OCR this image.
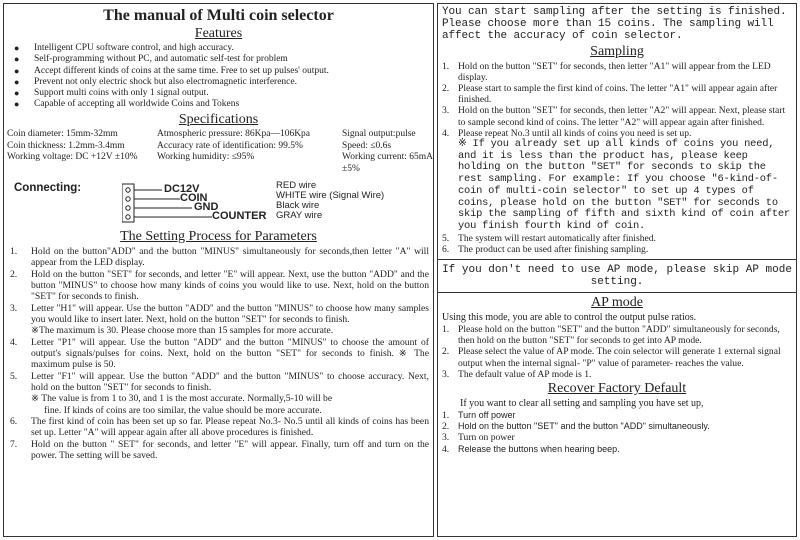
The manual of Multi coin selector
Features
● Intelligent CPU software control, and high accuracy.
● Self-programming without PC, and automatic self-test for problem
● Accept different kinds of coins at the same time. Free to set up pulses' output.
● Prevent not only electric shock but also electromagnetic interference.
● Support multi coins with only 1 signal output.
● Capable of accepting all worldwide Coins and Tokens
Specifications
Coin diameter: 15mm-32mm	Atmospheric pressure: 86Kpa—106Kpa	Signal output:pulse
Coin thickness: 1.2mm-3.4mm	Accuracy rate of identification: 99.5%	Speed: ≤0.6s
Working voltage: DC +12V ±10%	Working humidity: ≤95%	Working current: 65mA ±5%
Connecting:	DC12V
COIN
GND
COUNTER
RED wire
WHITE wire (Signal Wire)
Black wire
GRAY wire
The Setting Process for Parameters
1.	Hold on the button"ADD" and the button "MINUS" simultaneously for seconds,then letter "A" will appear from the LED display.
2.	Hold on the button "SET" for seconds, and letter "E" will appear. Next, use the button "ADD" and the button "MINUS" to choose how many kinds of coins you would like to use. Next, hold on the button "SET" for seconds to finish.
3.	Letter "H1" will appear. Use the button "ADD" and the button "MINUS" to choose how many samples you would like to insert later. Next, hold on the button "SET" for seconds to finish.
※The maximum is 30. Please choose more than 15 samples for more accurate.
4.	Letter "P1" will appear. Use the button "ADD" and the button "MINUS" to choose the amount of output's signals/pulses for coins. Next, hold on the button "SET" for seconds to finish. ※ The maximum pulse is 50.
5.	Letter "F1" will appear. Use the button "ADD" and the button "MINUS" to choose accuracy. Next, hold on the button "SET" for seconds to finish.
※ The value is from 1 to 30, and 1 is the most accurate. Normally,5-10 will be
fine. If kinds of coins are too similar, the value should be more accurate.
6.	The first kind of coin has been set up so far. Please repeat No.3- No.5 until all kinds of coins has been set up. Letter "A" will appear again after all above procedures is finished.
7.	Hold on the button " SET" for seconds, and letter "E" will appear. Finally, turn off and turn on the power. The setting will be saved.
You can start sampling after the setting is finished. Please choose more than 15 coins. The sampling will affect the accuracy of coin selector.
Sampling
1. Hold on the button "SET" for seconds, then letter "A1" will appear from the LED display.
2. Please start to sample the first kind of coins. The letter "A1" will appear again after finished.
3. Hold on the button "SET" for seconds, then letter "A2" will appear. Next, please start to sample second kind of coins. The letter "A2" will appear again after finished.
4. Please repeat No.3 until all kinds of coins you need is set up.
※ If you already set up all kinds of coins you need, and it is less than the product has, please keep holding on the button "SET" for seconds to skip the rest sampling. For example: If you choose "6-kind-of-coin of multi-coin selector" to set up 4 types of coins, please hold on the button "SET" for seconds to skip the sampling of fifth and sixth kind of coin after you finish fourth kind of coin.
5. The system will restart automatically after finished.
6. The product can be used after finishing sampling.
If you don't need to use AP mode, please skip AP mode setting.
AP mode
Using this mode, you are able to control the output pulse ratios.
1. Please hold on the button "SET" and the button "ADD" simultaneously for seconds, then hold on the button "SET" for seconds to get into AP mode.
2. Please select the value of AP mode. The coin selector will generate 1 external signal output when the internal signal- "P" value of parameter- reaches the value.
3. The default value of AP mode is 1.
Recover Factory Default
If you want to clear all setting and sampling you have set up,
1. Turn off power
2. Hold on the button "SET" and the button "ADD" simultaneously.
3. Turn on power
4. Release the buttons when hearing beep.
